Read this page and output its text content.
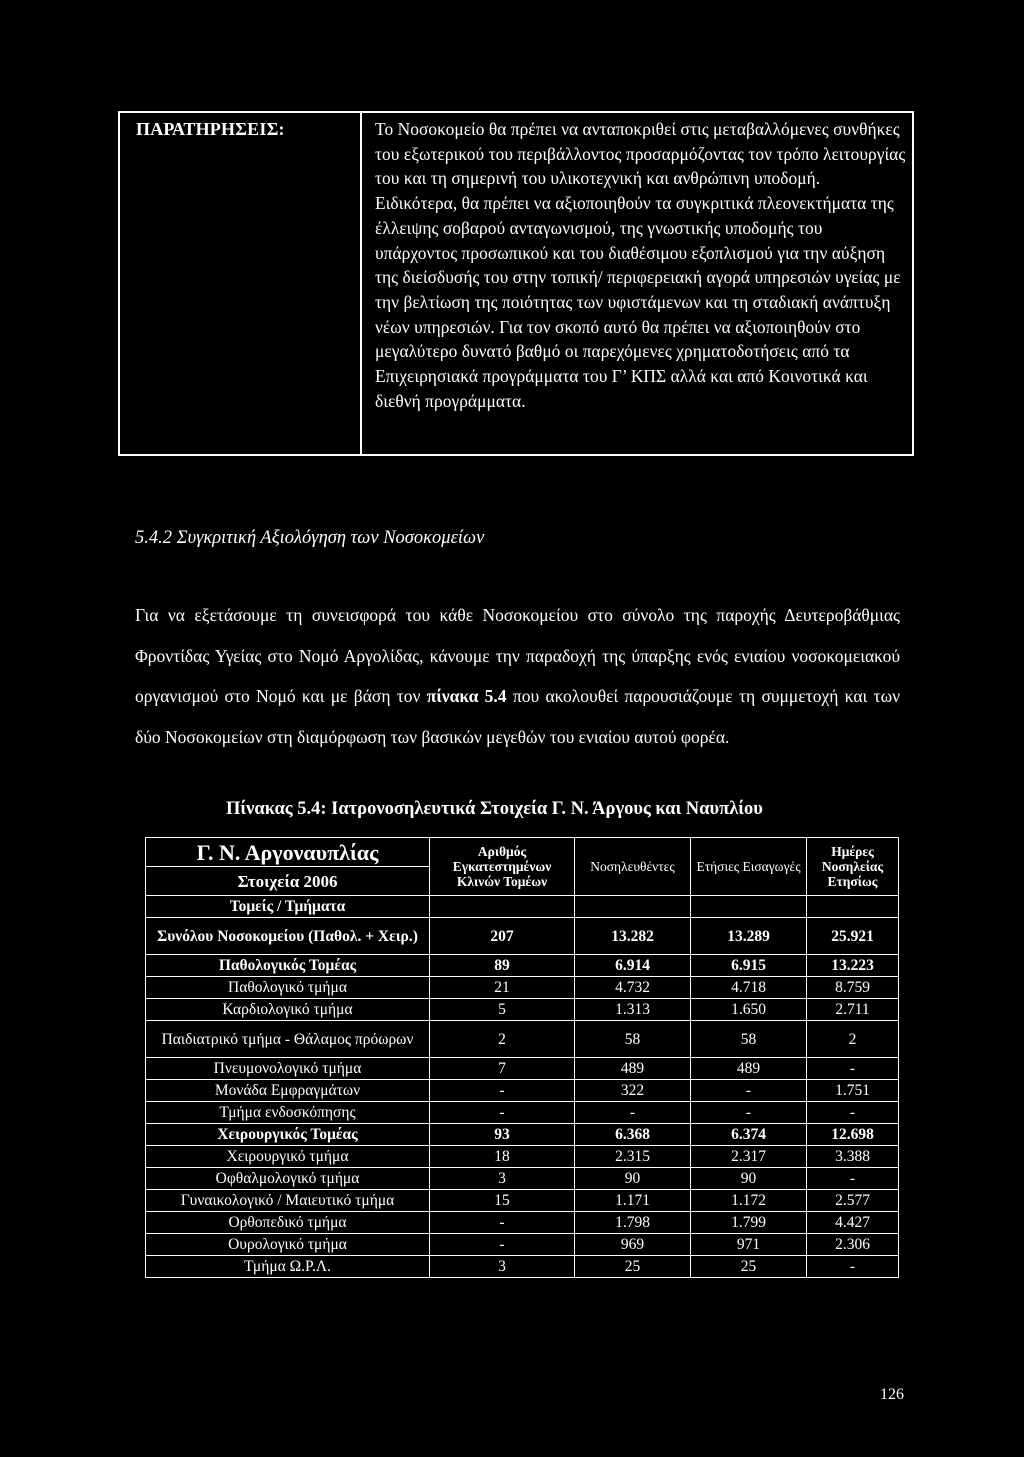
ΠΑΡΑΤΗΡΗΣΕΙΣ:	Το Νοσοκομείο θα πρέπει να ανταποκριθεί στις μεταβαλλόμενες συνθήκες του εξωτερικού του περιβάλλοντος προσαρμόζοντας τον τρόπο λειτουργίας του και τη σημερινή του υλικοτεχνική και ανθρώπινη υποδομή. Ειδικότερα, θα πρέπει να αξιοποιηθούν τα συγκριτικά πλεονεκτήματα της έλλειψης σοβαρού ανταγωνισμού, της γνωστικής υποδομής του υπάρχοντος προσωπικού και του διαθέσιμου εξοπλισμού για την αύξηση της διείσδυσής του στην τοπική/ περιφερειακή αγορά υπηρεσιών υγείας με την βελτίωση της ποιότητας των υφιστάμενων και τη σταδιακή ανάπτυξη νέων υπηρεσιών. Για τον σκοπό αυτό θα πρέπει να αξιοποιηθούν στο μεγαλύτερο δυνατό βαθμό οι παρεχόμενες χρηματοδοτήσεις από τα Επιχειρησιακά προγράμματα του Γ’ ΚΠΣ αλλά και από Κοινοτικά και διεθνή προγράμματα.

5.4.2 Συγκριτική Αξιολόγηση των Νοσοκομείων

Για να εξετάσουμε τη συνεισφορά του κάθε Νοσοκομείου στο σύνολο της παροχής Δευτεροβάθμιας Φροντίδας Υγείας στο Νομό Αργολίδας, κάνουμε την παραδοχή της ύπαρξης ενός ενιαίου νοσοκομειακού οργανισμού στο Νομό και με βάση τον πίνακα 5.4 που ακολουθεί παρουσιάζουμε τη συμμετοχή και των δύο Νοσοκομείων στη διαμόρφωση των βασικών μεγεθών του ενιαίου αυτού φορέα.

Πίνακας 5.4: Ιατρονοσηλευτικά Στοιχεία Γ. Ν. Άργους και Ναυπλίου

Γ. Ν. Αργοναυπλίας	Αριθμός Εγκατεστημένων Κλινών Τομέων	Νοσηλευθέντες	Ετήσιες Εισαγωγές	Ημέρες Νοσηλείας Ετησίως
Στοιχεία 2006				
Τομείς / Τμήματα				
Συνόλου Νοσοκομείου (Παθολ. + Χειρ.)	207	13.282	13.289	25.921
Παθολογικός Τομέας	89	6.914	6.915	13.223
Παθολογικό τμήμα	21	4.732	4.718	8.759
Καρδιολογικό τμήμα	5	1.313	1.650	2.711
Παιδιατρικό τμήμα - Θάλαμος πρόωρων	2	58	58	2
Πνευμονολογικό τμήμα	7	489	489	-
Μονάδα Εμφραγμάτων	-	322	-	1.751
Τμήμα ενδοσκόπησης	-	-	-	-
Χειρουργικός Τομέας	93	6.368	6.374	12.698
Χειρουργικό τμήμα	18	2.315	2.317	3.388
Οφθαλμολογικό τμήμα	3	90	90	-
Γυναικολογικό / Μαιευτικό τμήμα	15	1.171	1.172	2.577
Ορθοπεδικό τμήμα	-	1.798	1.799	4.427
Ουρολογικό τμήμα	-	969	971	2.306
Τμήμα Ω.Ρ.Λ.	3	25	25	-

126
